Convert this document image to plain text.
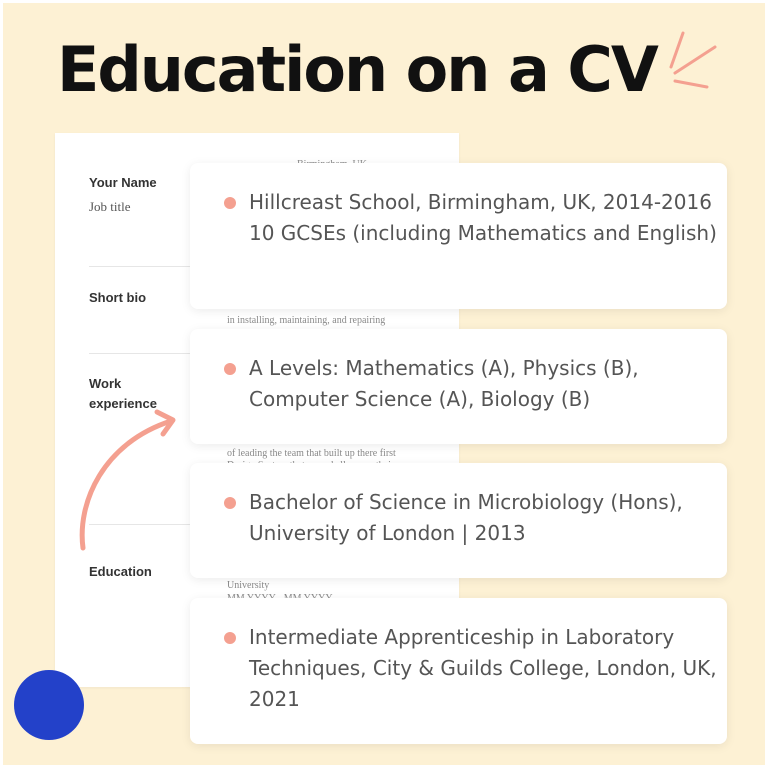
Education on a CV
Your Name
Job title
Short bio
in installing, maintaining, and repairing
Work
experience
of leading the team that built up there first
Education
University
Hillcreast School, Birmingham, UK, 2014-2016 10 GCSEs (including Mathematics and English)
A Levels: Mathematics (A), Physics (B), Computer Science (A), Biology (B)
Bachelor of Science in Microbiology (Hons), University of London | 2013
Intermediate Apprenticeship in Laboratory Techniques, City & Guilds College, London, UK, 2021
